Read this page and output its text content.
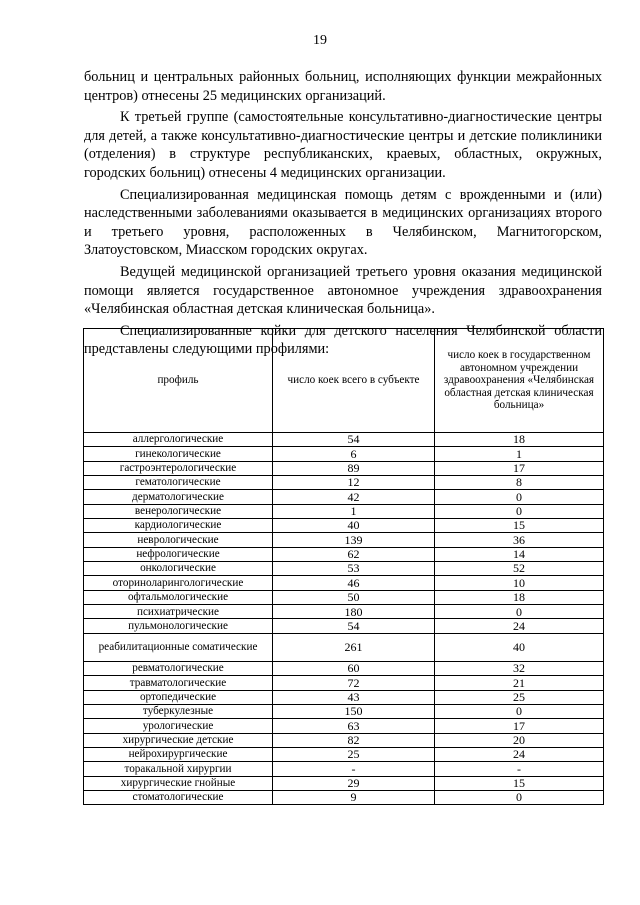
19

больниц и центральных районных больниц, исполняющих функции межрайонных центров) отнесены 25 медицинских организаций.

К третьей группе (самостоятельные консультативно-диагностические центры для детей, а также консультативно-диагностические центры и детские поликлиники (отделения) в структуре республиканских, краевых, областных, окружных, городских больниц) отнесены 4 медицинских организации.

Специализированная медицинская помощь детям с врожденными и (или) наследственными заболеваниями оказывается в медицинских организациях второго и третьего уровня, расположенных в Челябинском, Магнитогорском, Златоустовском, Миасском городских округах.

Ведущей медицинской организацией третьего уровня оказания медицинской помощи является государственное автономное учреждения здравоохранения «Челябинская областная детская клиническая больница».

Специализированные койки для детского населения Челябинской области представлены следующими профилями:

профиль	число коек всего в субъекте	число коек в государственном автономном учреждении здравоохранения «Челябинская областная детская клиническая больница»
аллергологические	54	18
гинекологические	6	1
гастроэнтерологические	89	17
гематологические	12	8
дерматологические	42	0
венерологические	1	0
кардиологические	40	15
неврологические	139	36
нефрологические	62	14
онкологические	53	52
оториноларингологические	46	10
офтальмологические	50	18
психиатрические	180	0
пульмонологические	54	24
реабилитационные соматические	261	40
ревматологические	60	32
травматологические	72	21
ортопедические	43	25
туберкулезные	150	0
урологические	63	17
хирургические детские	82	20
нейрохирургические	25	24
торакальной хирургии	-	-
хирургические гнойные	29	15
стоматологические	9	0
